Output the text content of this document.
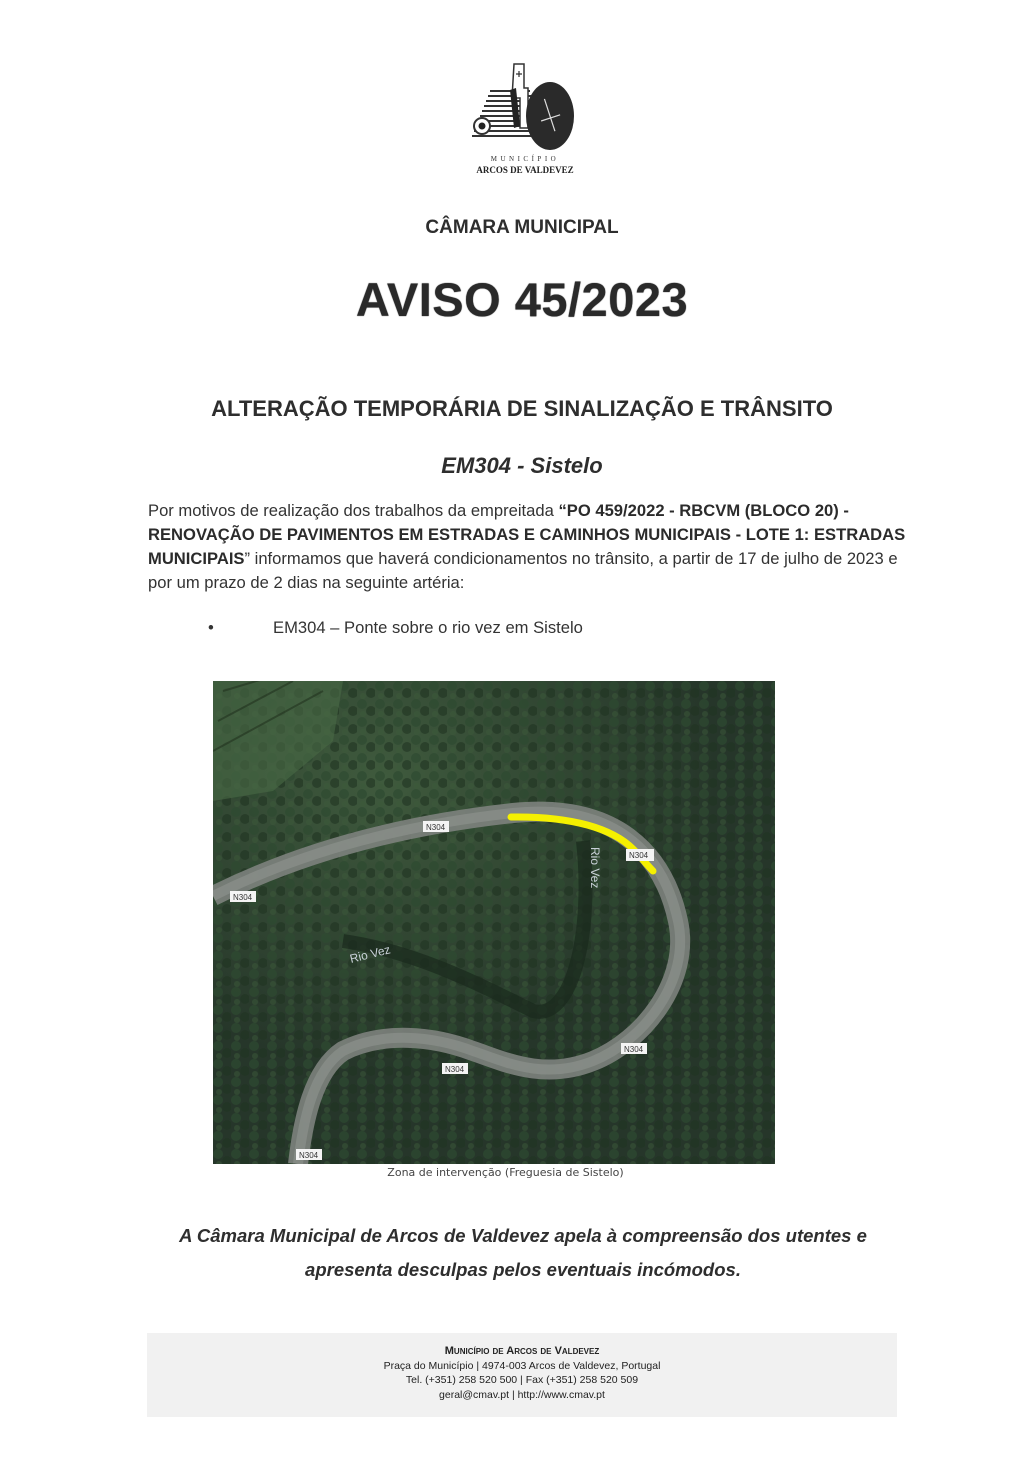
MUNICÍPIO
ARCOS DE VALDEVEZ
CÂMARA MUNICIPAL
AVISO 45/2023
ALTERAÇÃO TEMPORÁRIA DE SINALIZAÇÃO E TRÂNSITO
EM304 - Sistelo
Por motivos de realização dos trabalhos da empreitada “PO 459/2022 - RBCVM (BLOCO 20) - RENOVAÇÃO DE PAVIMENTOS EM ESTRADAS E CAMINHOS MUNICIPAIS - LOTE 1: ESTRADAS MUNICIPAIS” informamos que haverá condicionamentos no trânsito, a partir de 17 de julho de 2023 e por um prazo de 2 dias na seguinte artéria:
•	EM304 – Ponte sobre o rio vez em Sistelo
N304
N304
N304
N304
N304
N304
Rio Vez
Rio Vez
Zona de intervenção (Freguesia de Sistelo)
A Câmara Municipal de Arcos de Valdevez apela à compreensão dos utentes e
apresenta desculpas pelos eventuais incómodos.
Município de Arcos de Valdevez
Praça do Município | 4974-003 Arcos de Valdevez, Portugal
Tel. (+351) 258 520 500 | Fax (+351) 258 520 509
geral@cmav.pt | http://www.cmav.pt
